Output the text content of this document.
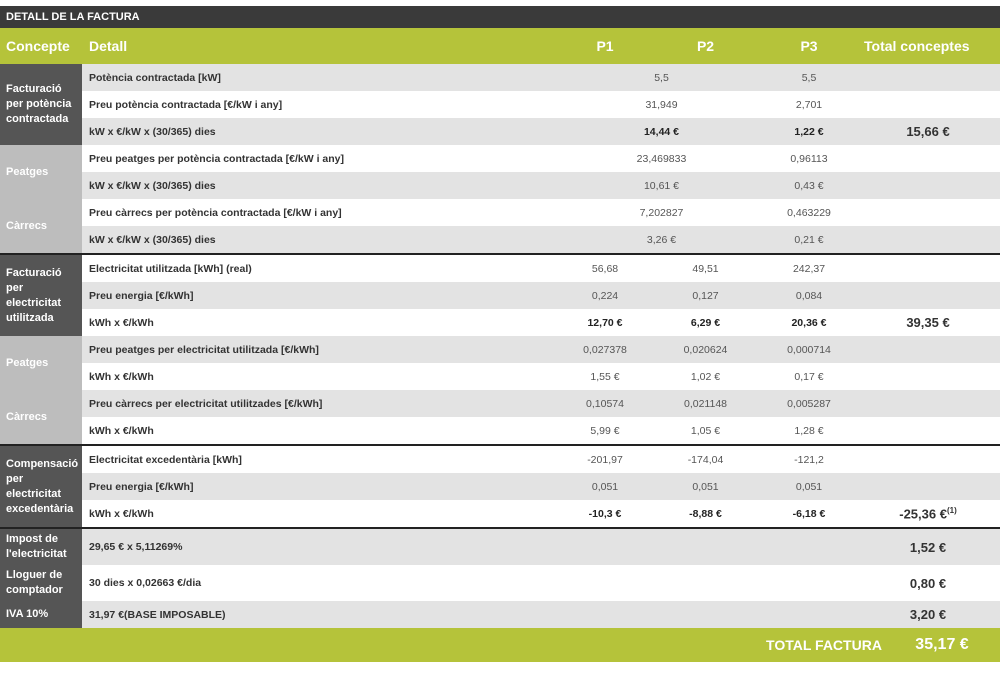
DETALL DE LA FACTURA
Concepte	Detall	P1	P2	P3	Total conceptes
Facturació per potència contractada
Potència contractada [kW]	5,5	5,5
Preu potència contractada [€/kW i any]	31,949	2,701
kW x €/kW x (30/365) dies	14,44 €	1,22 €	15,66 €
Peatges
Preu peatges per potència contractada [€/kW i any]	23,469833	0,96113
kW x €/kW x (30/365) dies	10,61 €	0,43 €
Càrrecs
Preu càrrecs per potència contractada [€/kW i any]	7,202827	0,463229
kW x €/kW x (30/365) dies	3,26 €	0,21 €
Facturació per electricitat utilitzada
Electricitat utilitzada [kWh] (real)	56,68	49,51	242,37
Preu energia [€/kWh]	0,224	0,127	0,084
kWh x €/kWh	12,70 €	6,29 €	20,36 €	39,35 €
Peatges
Preu peatges per electricitat utilitzada [€/kWh]	0,027378	0,020624	0,000714
kWh x €/kWh	1,55 €	1,02 €	0,17 €
Càrrecs
Preu càrrecs per electricitat utilitzades [€/kWh]	0,10574	0,021148	0,005287
kWh x €/kWh	5,99 €	1,05 €	1,28 €
Compensació per electricitat excedentària
Electricitat excedentària [kWh]	-201,97	-174,04	-121,2
Preu energia [€/kWh]	0,051	0,051	0,051
kWh x €/kWh	-10,3 €	-8,88 €	-6,18 €	-25,36 €$^{(1)}$
Impost de l'electricitat
29,65 € x 5,11269%	1,52 €
Lloguer de comptador
30 dies x 0,02663 €/dia	0,80 €
IVA 10%	31,97 €(BASE IMPOSABLE)	3,20 €
TOTAL FACTURA	35,17 €
